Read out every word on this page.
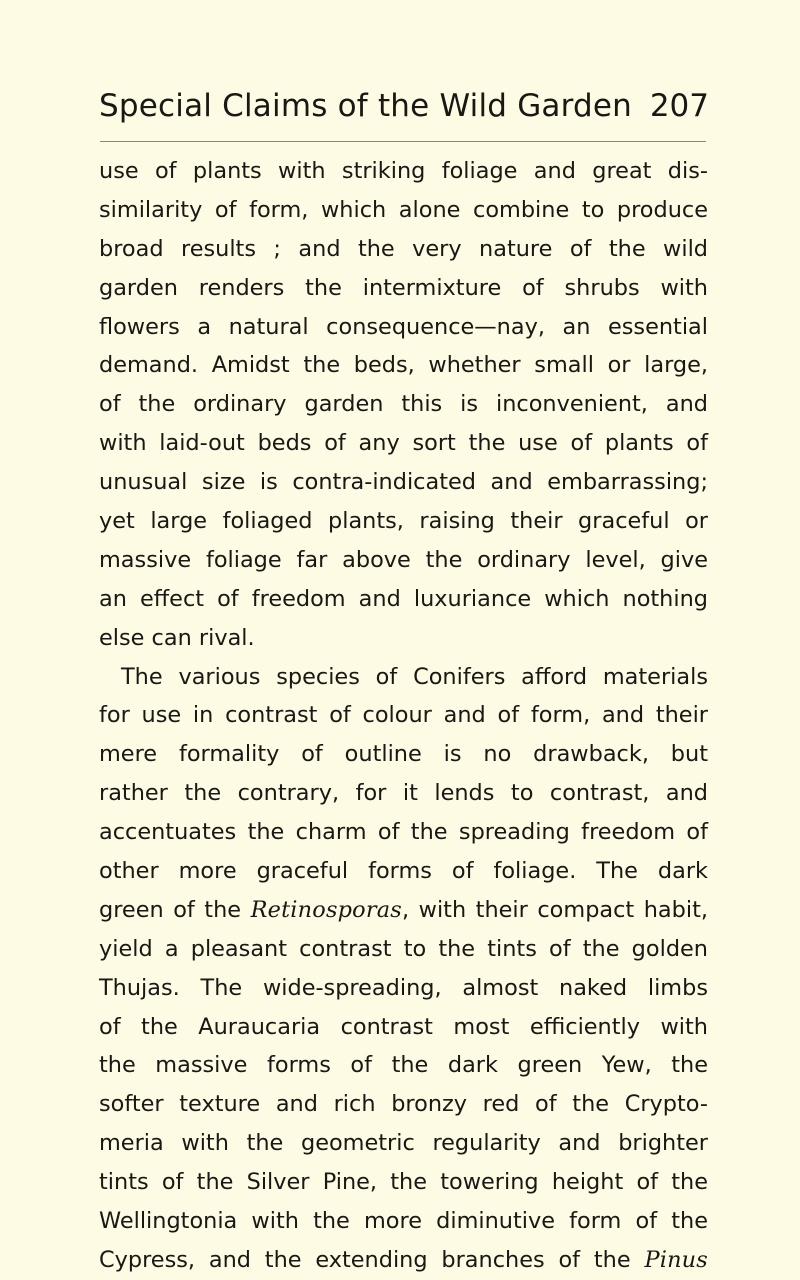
Special Claims of the Wild Garden 207
use of plants with striking foliage and great dis-
similarity of form, which alone combine to produce
broad results ; and the very nature of the wild
garden renders the intermixture of shrubs with
flowers a natural consequence—nay, an essential
demand. Amidst the beds, whether small or large,
of the ordinary garden this is inconvenient, and
with laid-out beds of any sort the use of plants of
unusual size is contra-indicated and embarrassing;
yet large foliaged plants, raising their graceful or
massive foliage far above the ordinary level, give
an effect of freedom and luxuriance which nothing
else can rival.
The various species of Conifers afford materials
for use in contrast of colour and of form, and their
mere formality of outline is no drawback, but
rather the contrary, for it lends to contrast, and
accentuates the charm of the spreading freedom of
other more graceful forms of foliage. The dark
green of the Retinosporas, with their compact habit,
yield a pleasant contrast to the tints of the golden
Thujas. The wide-spreading, almost naked limbs
of the Auraucaria contrast most efficiently with
the massive forms of the dark green Yew, the
softer texture and rich bronzy red of the Crypto-
meria with the geometric regularity and brighter
tints of the Silver Pine, the towering height of the
Wellingtonia with the more diminutive form of the
Cypress, and the extending branches of the Pinus
